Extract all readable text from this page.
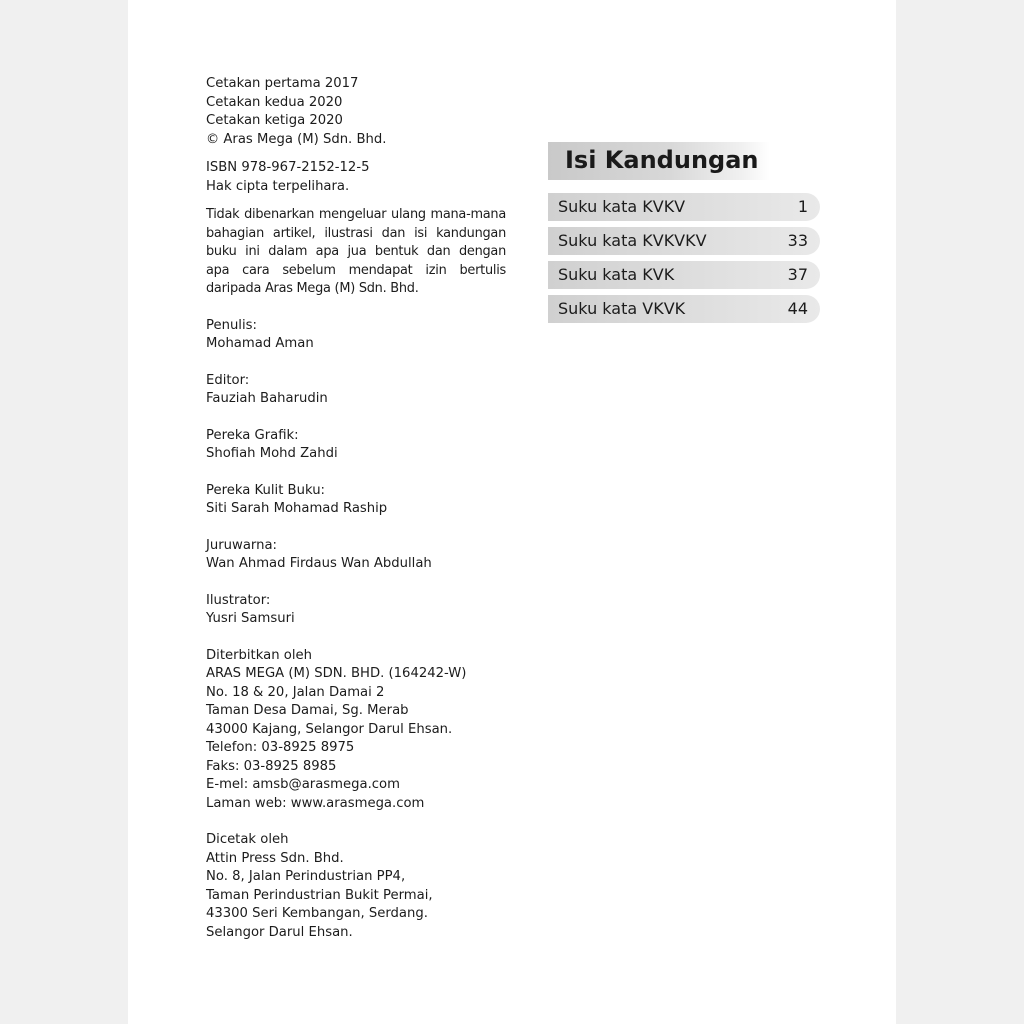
Cetakan pertama 2017
Cetakan kedua 2020
Cetakan ketiga 2020
© Aras Mega (M) Sdn. Bhd.
ISBN 978-967-2152-12-5
Hak cipta terpelihara.
Tidak dibenarkan mengeluar ulang mana-mana
bahagian artikel, ilustrasi dan isi kandungan
buku ini dalam apa jua bentuk dan dengan
apa cara sebelum mendapat izin bertulis
daripada Aras Mega (M) Sdn. Bhd.
Penulis:
Mohamad Aman
Editor:
Fauziah Baharudin
Pereka Grafik:
Shofiah Mohd Zahdi
Pereka Kulit Buku:
Siti Sarah Mohamad Raship
Juruwarna:
Wan Ahmad Firdaus Wan Abdullah
Ilustrator:
Yusri Samsuri
Diterbitkan oleh
ARAS MEGA (M) SDN. BHD. (164242-W)
No. 18 & 20, Jalan Damai 2
Taman Desa Damai, Sg. Merab
43000 Kajang, Selangor Darul Ehsan.
Telefon: 03-8925 8975
Faks: 03-8925 8985
E-mel: amsb@arasmega.com
Laman web: www.arasmega.com
Dicetak oleh
Attin Press Sdn. Bhd.
No. 8, Jalan Perindustrian PP4,
Taman Perindustrian Bukit Permai,
43300 Seri Kembangan, Serdang.
Selangor Darul Ehsan.
Isi Kandungan
Suku kata KVKV	1
Suku kata KVKVKV	33
Suku kata KVK	37
Suku kata VKVK	44
